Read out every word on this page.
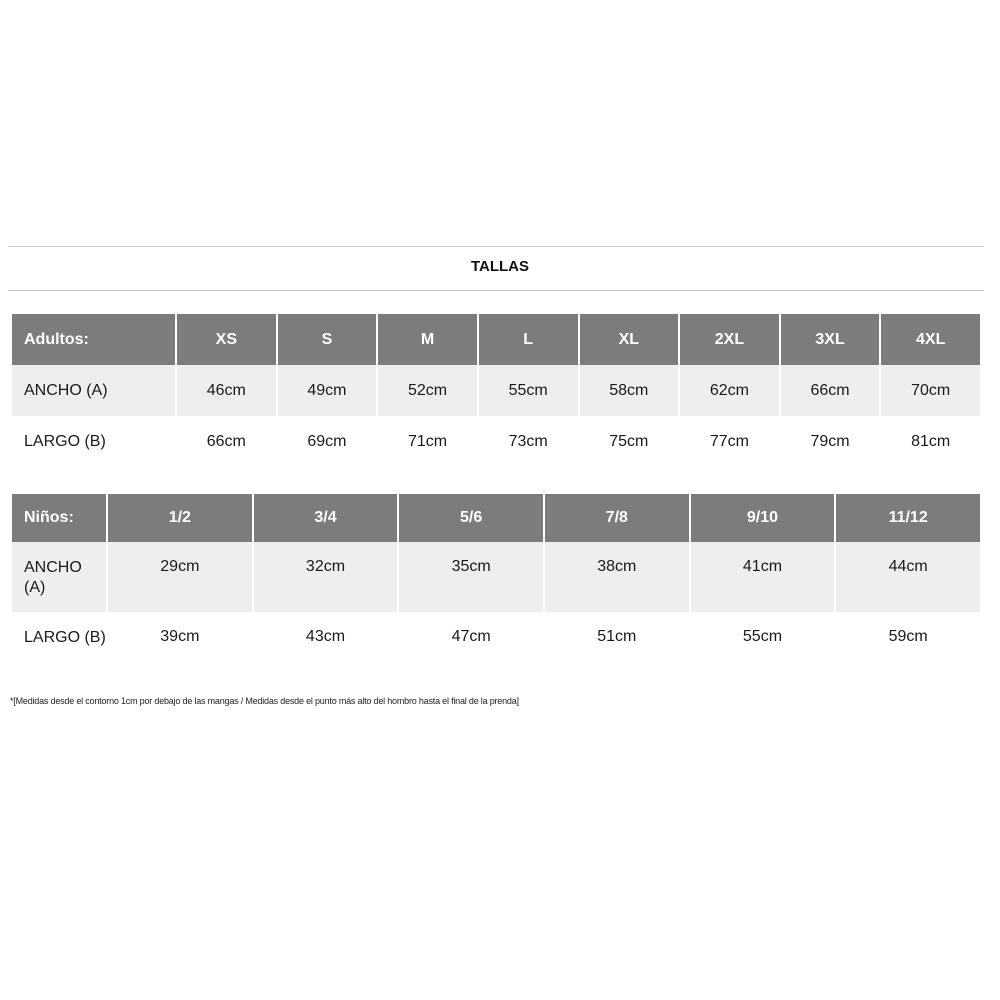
TALLAS
Adultos:	XS	S	M	L	XL	2XL	3XL	4XL
ANCHO (A)	46cm	49cm	52cm	55cm	58cm	62cm	66cm	70cm
LARGO (B)	66cm	69cm	71cm	73cm	75cm	77cm	79cm	81cm
Niños:	1/2	3/4	5/6	7/8	9/10	11/12
ANCHO (A)	29cm	32cm	35cm	38cm	41cm	44cm
LARGO (B)	39cm	43cm	47cm	51cm	55cm	59cm
*[Medidas desde el contorno 1cm por debajo de las mangas / Medidas desde el punto más alto del hombro hasta el final de la prenda]
